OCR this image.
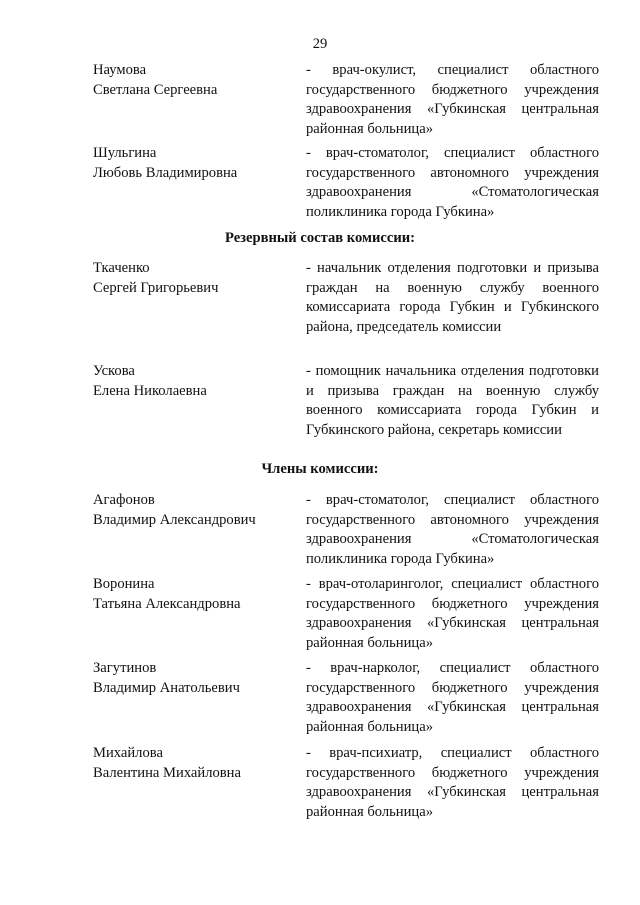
29
Наумова
Светлана Сергеевна
- врач-окулист, специалист областного государственного бюджетного учреждения здравоохранения «Губкинская центральная районная больница»
Шульгина
Любовь Владимировна
- врач-стоматолог, специалист областного государственного автономного учреждения здравоохранения «Стоматологическая поликлиника города Губкина»
Резервный состав комиссии:
Ткаченко
Сергей Григорьевич
- начальник отделения подготовки и призыва граждан на военную службу военного комиссариата города Губкин и Губкинского района, председатель комиссии
Ускова
Елена Николаевна
- помощник начальника отделения подготовки и призыва граждан на военную службу военного комиссариата города Губкин и Губкинского района, секретарь комиссии
Члены комиссии:
Агафонов
Владимир Александрович
- врач-стоматолог, специалист областного государственного автономного учреждения здравоохранения «Стоматологическая поликлиника города Губкина»
Воронина
Татьяна Александровна
- врач-отоларинголог, специалист областного государственного бюджетного учреждения здравоохранения «Губкинская центральная районная больница»
Загутинов
Владимир Анатольевич
- врач-нарколог, специалист областного государственного бюджетного учреждения здравоохранения «Губкинская центральная районная больница»
Михайлова
Валентина Михайловна
- врач-психиатр, специалист областного государственного бюджетного учреждения здравоохранения «Губкинская центральная районная больница»
